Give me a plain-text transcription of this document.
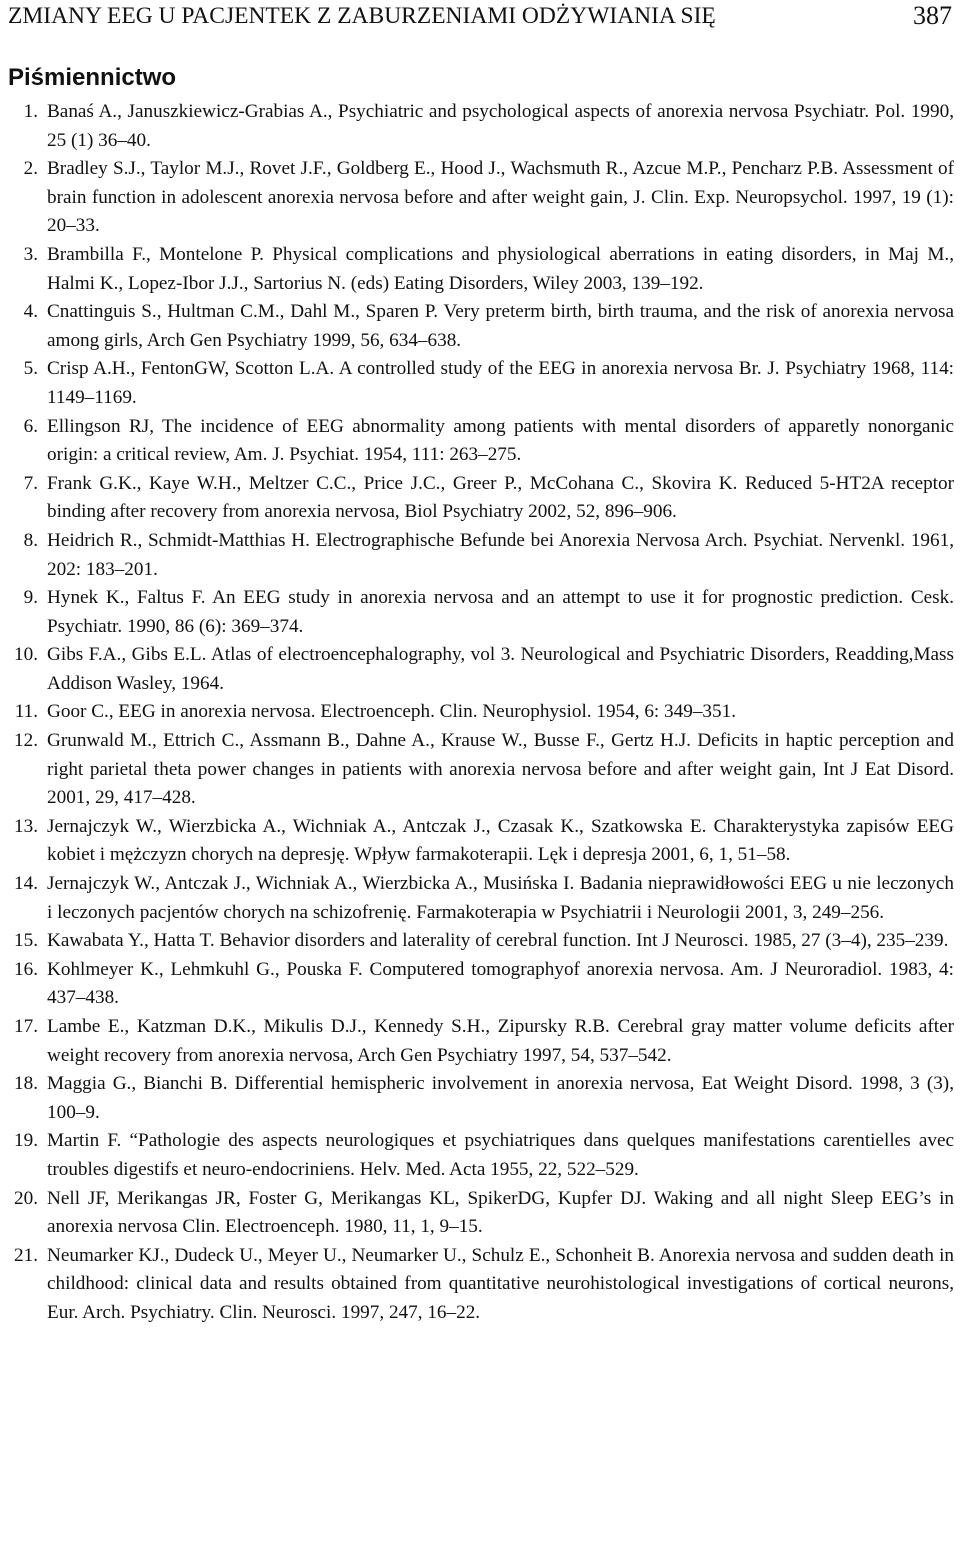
ZMIANY EEG U PACJENTEK Z ZABURZENIAMI ODŻYWIANIA SIĘ	387
Piśmiennictwo
1. Banaś A., Januszkiewicz-Grabias A., Psychiatric and psychological aspects of anorexia nervosa Psychiatr. Pol. 1990, 25 (1) 36–40.
2. Bradley S.J., Taylor M.J., Rovet J.F., Goldberg E., Hood J., Wachsmuth R., Azcue M.P., Pencharz P.B. Assessment of brain function in adolescent anorexia nervosa before and after weight gain, J. Clin. Exp. Neuropsychol. 1997, 19 (1): 20–33.
3. Brambilla F., Montelone P. Physical complications and physiological aberrations in eating disorders, in Maj M., Halmi K., Lopez-Ibor J.J., Sartorius N. (eds) Eating Disorders, Wiley 2003, 139–192.
4. Cnattinguis S., Hultman C.M., Dahl M., Sparen P. Very preterm birth, birth trauma, and the risk of anorexia nervosa among girls, Arch Gen Psychiatry 1999, 56, 634–638.
5. Crisp A.H., FentonGW, Scotton L.A. A controlled study of the EEG in anorexia nervosa Br. J. Psychiatry 1968, 114: 1149–1169.
6. Ellingson RJ, The incidence of EEG abnormality among patients with mental disorders of apparetly nonorganic origin: a critical review, Am. J. Psychiat. 1954, 111: 263–275.
7. Frank G.K., Kaye W.H., Meltzer C.C., Price J.C., Greer P., McCohana C., Skovira K. Reduced 5-HT2A receptor binding after recovery from anorexia nervosa, Biol Psychiatry 2002, 52, 896–906.
8. Heidrich R., Schmidt-Matthias H. Electrographische Befunde bei Anorexia Nervosa Arch. Psychiat. Nervenkl. 1961, 202: 183–201.
9. Hynek K., Faltus F. An EEG study in anorexia nervosa and an attempt to use it for prognostic prediction. Cesk. Psychiatr. 1990, 86 (6): 369–374.
10. Gibs F.A., Gibs E.L. Atlas of electroencephalography, vol 3. Neurological and Psychiatric Disorders, Readding,Mass Addison Wasley, 1964.
11. Goor C., EEG in anorexia nervosa. Electroenceph. Clin. Neurophysiol. 1954, 6: 349–351.
12. Grunwald M., Ettrich C., Assmann B., Dahne A., Krause W., Busse F., Gertz H.J. Deficits in haptic perception and right parietal theta power changes in patients with anorexia nervosa before and after weight gain, Int J Eat Disord. 2001, 29, 417–428.
13. Jernajczyk W., Wierzbicka A., Wichniak A., Antczak J., Czasak K., Szatkowska E. Charakterystyka zapisów EEG kobiet i mężczyzn chorych na depresję. Wpływ farmakoterapii. Lęk i depresja 2001, 6, 1, 51–58.
14. Jernajczyk W., Antczak J., Wichniak A., Wierzbicka A., Musińska I. Badania nieprawidłowości EEG u nie leczonych i leczonych pacjentów chorych na schizofrenię. Farmakoterapia w Psychiatrii i Neurologii 2001, 3, 249–256.
15. Kawabata Y., Hatta T. Behavior disorders and laterality of cerebral function. Int J Neurosci. 1985, 27 (3–4), 235–239.
16. Kohlmeyer K., Lehmkuhl G., Pouska F. Computered tomographyof anorexia nervosa. Am. J Neuroradiol. 1983, 4: 437–438.
17. Lambe E., Katzman D.K., Mikulis D.J., Kennedy S.H., Zipursky R.B. Cerebral gray matter volume deficits after weight recovery from anorexia nervosa, Arch Gen Psychiatry 1997, 54, 537–542.
18. Maggia G., Bianchi B. Differential hemispheric involvement in anorexia nervosa, Eat Weight Disord. 1998, 3 (3), 100–9.
19. Martin F. “Pathologie des aspects neurologiques et psychiatriques dans quelques manifestations carentielles avec troubles digestifs et neuro-endocriniens. Helv. Med. Acta 1955, 22, 522–529.
20. Nell JF, Merikangas JR, Foster G, Merikangas KL, SpikerDG, Kupfer DJ. Waking and all night Sleep EEG’s in anorexia nervosa Clin. Electroenceph. 1980, 11, 1, 9–15.
21. Neumarker KJ., Dudeck U., Meyer U., Neumarker U., Schulz E., Schonheit B. Anorexia nervosa and sudden death in childhood: clinical data and results obtained from quantitative neurohistological investigations of cortical neurons, Eur. Arch. Psychiatry. Clin. Neurosci. 1997, 247, 16–22.
